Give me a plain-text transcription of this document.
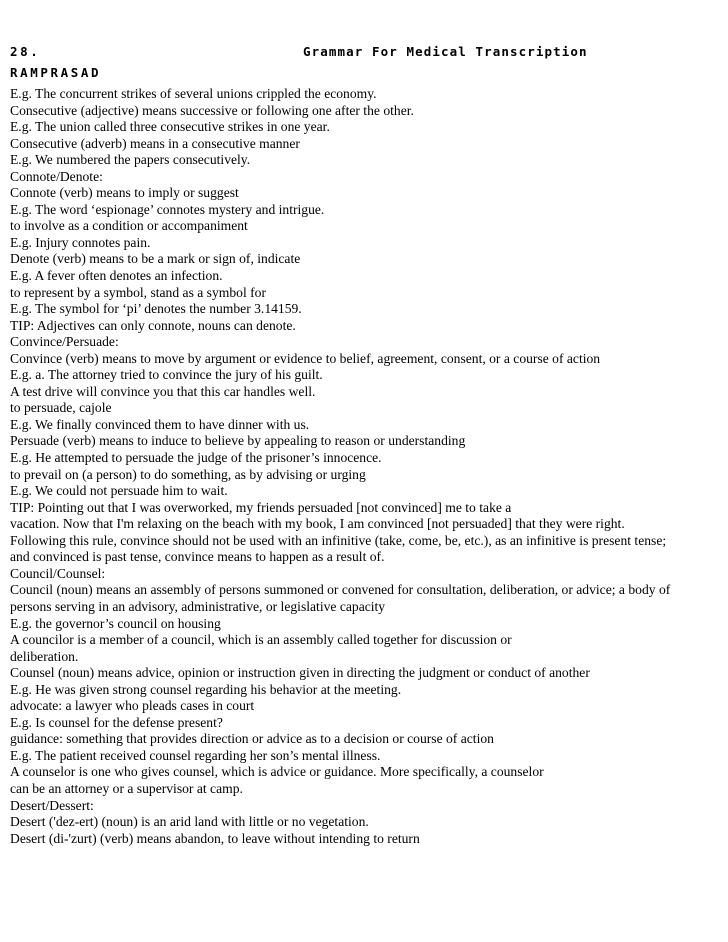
28.	Grammar For Medical Transcription
RAMPRASAD
E.g. The concurrent strikes of several unions crippled the economy.
Consecutive (adjective) means successive or following one after the other.
E.g. The union called three consecutive strikes in one year.
Consecutive (adverb) means in a consecutive manner
E.g. We numbered the papers consecutively.
Connote/Denote:
Connote (verb) means to imply or suggest
E.g. The word ‘espionage’ connotes mystery and intrigue.
to involve as a condition or accompaniment
E.g. Injury connotes pain.
Denote (verb) means to be a mark or sign of, indicate
E.g. A fever often denotes an infection.
to represent by a symbol, stand as a symbol for
E.g. The symbol for ‘pi’ denotes the number 3.14159.
TIP: Adjectives can only connote, nouns can denote.
Convince/Persuade:
Convince (verb) means to move by argument or evidence to belief, agreement, consent, or a course of action
E.g. a. The attorney tried to convince the jury of his guilt.
A test drive will convince you that this car handles well.
to persuade, cajole
E.g. We finally convinced them to have dinner with us.
Persuade (verb) means to induce to believe by appealing to reason or understanding
E.g. He attempted to persuade the judge of the prisoner’s innocence.
to prevail on (a person) to do something, as by advising or urging
E.g. We could not persuade him to wait.
TIP: Pointing out that I was overworked, my friends persuaded [not convinced] me to take a
vacation. Now that I'm relaxing on the beach with my book, I am convinced [not persuaded] that they were right.
Following this rule, convince should not be used with an infinitive (take, come, be, etc.), as an infinitive is present tense;
and convinced is past tense, convince means to happen as a result of.
Council/Counsel:
Council (noun) means an assembly of persons summoned or convened for consultation, deliberation, or advice; a body of
persons serving in an advisory, administrative, or legislative capacity
E.g. the governor’s council on housing
A councilor is a member of a council, which is an assembly called together for discussion or
deliberation.
Counsel (noun) means advice, opinion or instruction given in directing the judgment or conduct of another
E.g. He was given strong counsel regarding his behavior at the meeting.
advocate: a lawyer who pleads cases in court
E.g. Is counsel for the defense present?
guidance: something that provides direction or advice as to a decision or course of action
E.g. The patient received counsel regarding her son’s mental illness.
A counselor is one who gives counsel, which is advice or guidance. More specifically, a counselor
can be an attorney or a supervisor at camp.
Desert/Dessert:
Desert ('dez-ert) (noun) is an arid land with little or no vegetation.
Desert (di-'zurt) (verb) means abandon, to leave without intending to return
